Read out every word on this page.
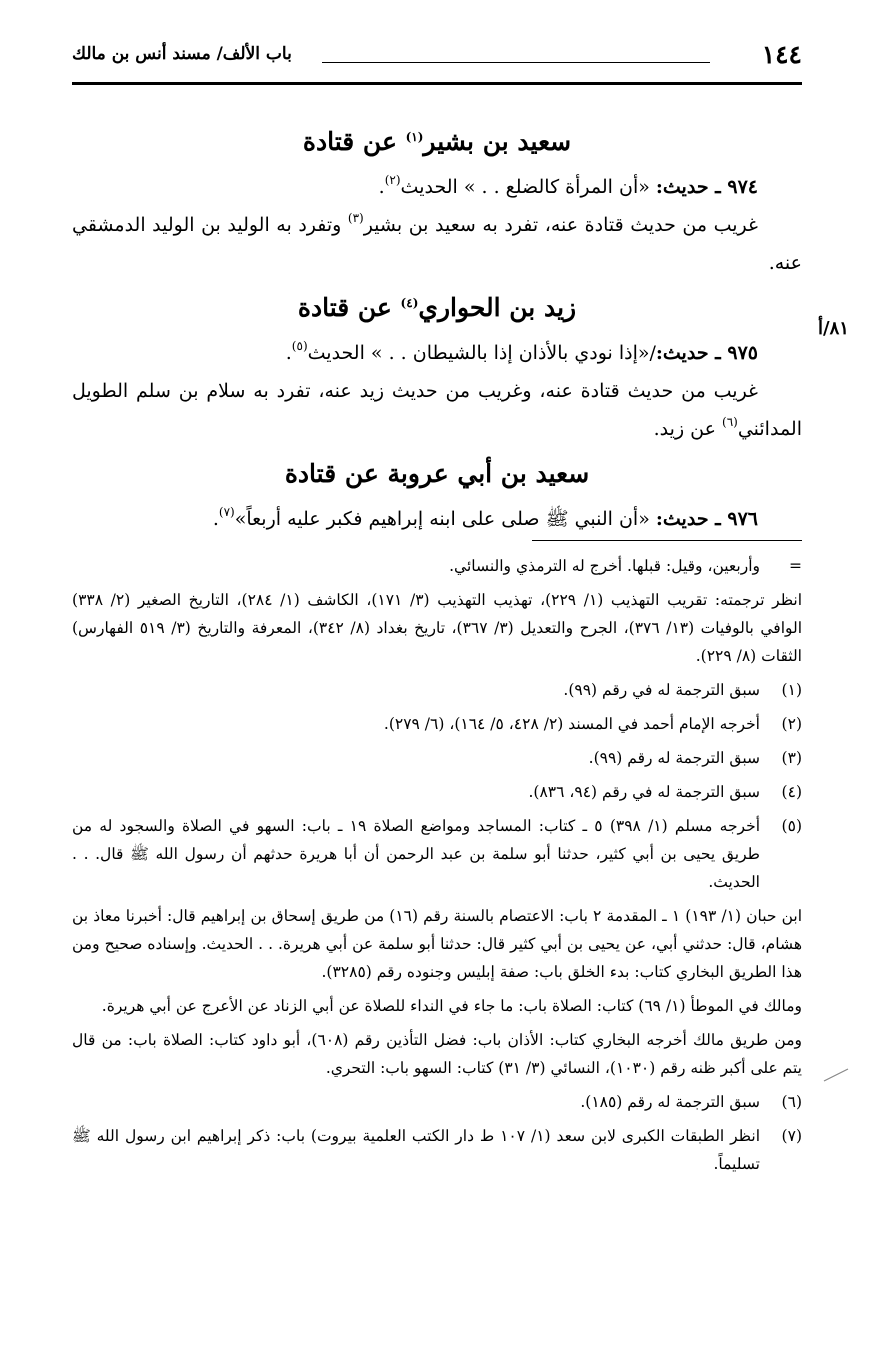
١٤٤
باب الألف/ مسند أنس بن مالك
٨١/أ

سعيد بن بشير$^{(١)}$ عن قتادة

٩٧٤ ـ حديث: «أن المرأة كالضلع . . » الحديث$^{(٢)}$.

غريب من حديث قتادة عنه، تفرد به سعيد بن بشير$^{(٣)}$ وتفرد به الوليد بن الوليد الدمشقي عنه.

زيد بن الحواري$^{(٤)}$ عن قتادة

٩٧٥ ـ حديث:/«إذا نودي بالأذان إذا بالشيطان . . » الحديث$^{(٥)}$.

غريب من حديث قتادة عنه، وغريب من حديث زيد عنه، تفرد به سلام بن سلم الطويل المدائني$^{(٦)}$ عن زيد.

سعيد بن أبي عروبة عن قتادة

٩٧٦ ـ حديث: «أن النبي ﷺ صلى على ابنه إبراهيم فكبر عليه أربعاً»$^{(٧)}$.

=
وأربعين، وقيل: قبلها. أخرج له الترمذي والنسائي.
انظر ترجمته: تقريب التهذيب (١/ ٢٢٩)، تهذيب التهذيب (٣/ ١٧١)، الكاشف (١/ ٢٨٤)، التاريخ الصغير (٢/ ٣٣٨) الوافي بالوفيات (١٣/ ٣٧٦)، الجرح والتعديل (٣/ ٣٦٧)، تاريخ بغداد (٨/ ٣٤٢)، المعرفة والتاريخ (٣/ ٥١٩ الفهارس) الثقات (٨/ ٢٢٩).
(١)
سبق الترجمة له في رقم (٩٩).
(٢)
أخرجه الإمام أحمد في المسند (٢/ ٤٢٨، ٥/ ١٦٤)، (٦/ ٢٧٩).
(٣)
سبق الترجمة له رقم (٩٩).
(٤)
سبق الترجمة له في رقم (٩٤، ٨٣٦).
(٥)
أخرجه مسلم (١/ ٣٩٨) ٥ ـ كتاب: المساجد ومواضع الصلاة ١٩ ـ باب: السهو في الصلاة والسجود له من طريق يحيى بن أبي كثير، حدثنا أبو سلمة بن عبد الرحمن أن أبا هريرة حدثهم أن رسول الله ﷺ قال. . . الحديث.
ابن حبان (١/ ١٩٣) ١ ـ المقدمة ٢ باب: الاعتصام بالسنة رقم (١٦) من طريق إسحاق بن إبراهيم قال: أخبرنا معاذ بن هشام، قال: حدثني أبي، عن يحيى بن أبي كثير قال: حدثنا أبو سلمة عن أبي هريرة. . . الحديث. وإسناده صحيح ومن هذا الطريق البخاري كتاب: بدء الخلق باب: صفة إبليس وجنوده رقم (٣٢٨٥).
ومالك في الموطأ (١/ ٦٩) كتاب: الصلاة باب: ما جاء في النداء للصلاة عن أبي الزناد عن الأعرج عن أبي هريرة.
ومن طريق مالك أخرجه البخاري كتاب: الأذان باب: فضل التأذين رقم (٦٠٨)، أبو داود كتاب: الصلاة باب: من قال يتم على أكبر ظنه رقم (١٠٣٠)، النسائي (٣/ ٣١) كتاب: السهو باب: التحري.
(٦)
سبق الترجمة له رقم (١٨٥).
(٧)
انظر الطبقات الكبرى لابن سعد (١/ ١٠٧ ط دار الكتب العلمية بيروت) باب: ذكر إبراهيم ابن رسول الله ﷺ تسليماً.
